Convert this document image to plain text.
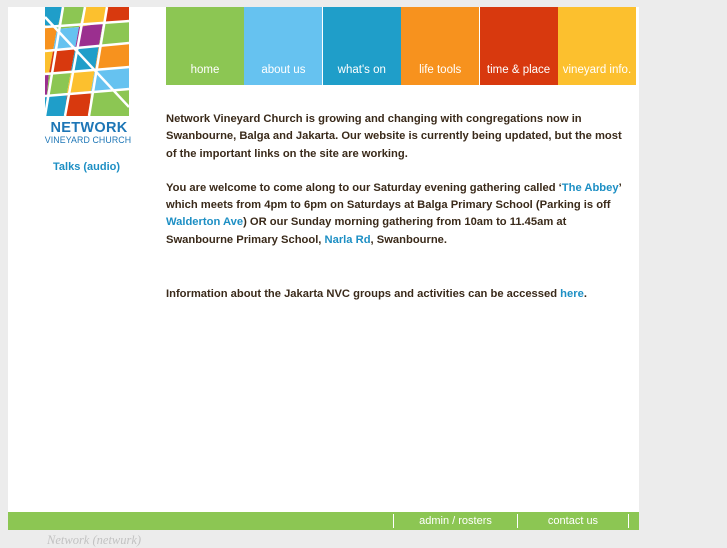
NETWORK
VINEYARD CHURCH
Talks (audio)
home	about us	what's on	life tools	time & place	vineyard info.

Network Vineyard Church is growing and changing with congregations now in Swanbourne, Balga and Jakarta. Our website is currently being updated, but the most of the important links on the site are working.

You are welcome to come along to our Saturday evening gathering called ‘The Abbey’ which meets from 4pm to 6pm on Saturdays at Balga Primary School (Parking is off Walderton Ave) OR our Sunday morning gathering from 10am to 11.45am at Swanbourne Primary School, Narla Rd, Swanbourne.

Information about the Jakarta NVC groups and activities can be accessed here.

admin / rosters	contact us
Network (netwurk)
